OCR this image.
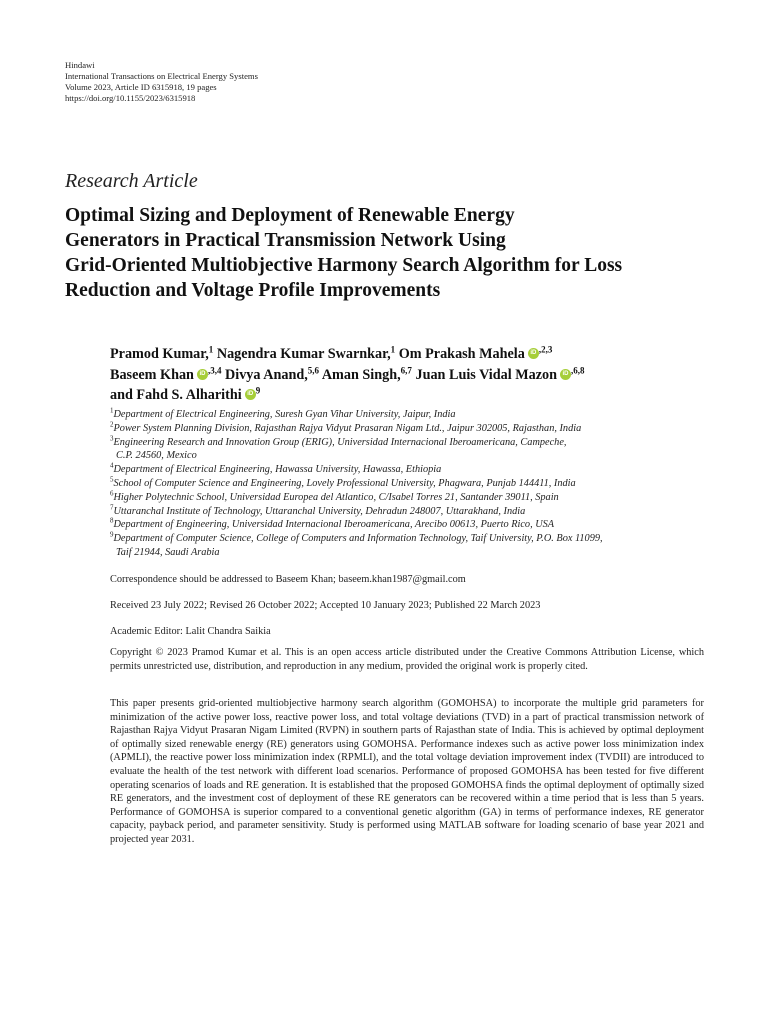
Hindawi
International Transactions on Electrical Energy Systems
Volume 2023, Article ID 6315918, 19 pages
https://doi.org/10.1155/2023/6315918
Research Article
Optimal Sizing and Deployment of Renewable Energy
Generators in Practical Transmission Network Using
Grid-Oriented Multiobjective Harmony Search Algorithm for Loss
Reduction and Voltage Profile Improvements
Pramod Kumar,$^1$ Nagendra Kumar Swarnkar,$^1$ Om Prakash Mahela iD $^{,2,3}$
Baseem Khan iD $^{,3,4}$ Divya Anand,$^{5,6}$ Aman Singh,$^{6,7}$ Juan Luis Vidal Mazon iD $^{,6,8}$
and Fahd S. Alharithi iD $^9$
$^1$Department of Electrical Engineering, Suresh Gyan Vihar University, Jaipur, India
$^2$Power System Planning Division, Rajasthan Rajya Vidyut Prasaran Nigam Ltd., Jaipur 302005, Rajasthan, India
$^3$Engineering Research and Innovation Group (ERIG), Universidad Internacional Iberoamericana, Campeche,
C.P. 24560, Mexico
$^4$Department of Electrical Engineering, Hawassa University, Hawassa, Ethiopia
$^5$School of Computer Science and Engineering, Lovely Professional University, Phagwara, Punjab 144411, India
$^6$Higher Polytechnic School, Universidad Europea del Atlantico, C/Isabel Torres 21, Santander 39011, Spain
$^7$Uttaranchal Institute of Technology, Uttaranchal University, Dehradun 248007, Uttarakhand, India
$^8$Department of Engineering, Universidad Internacional Iberoamericana, Arecibo 00613, Puerto Rico, USA
$^9$Department of Computer Science, College of Computers and Information Technology, Taif University, P.O. Box 11099,
Taif 21944, Saudi Arabia
Correspondence should be addressed to Baseem Khan; baseem.khan1987@gmail.com
Received 23 July 2022; Revised 26 October 2022; Accepted 10 January 2023; Published 22 March 2023
Academic Editor: Lalit Chandra Saikia
Copyright © 2023 Pramod Kumar et al. This is an open access article distributed under the Creative Commons Attribution License, which permits unrestricted use, distribution, and reproduction in any medium, provided the original work is properly cited.
This paper presents grid-oriented multiobjective harmony search algorithm (GOMOHSA) to incorporate the multiple grid parameters for minimization of the active power loss, reactive power loss, and total voltage deviations (TVD) in a part of practical transmission network of Rajasthan Rajya Vidyut Prasaran Nigam Limited (RVPN) in southern parts of Rajasthan state of India. This is achieved by optimal deployment of optimally sized renewable energy (RE) generators using GOMOHSA. Performance indexes such as active power loss minimization index (APMLI), the reactive power loss minimization index (RPMLI), and the total voltage deviation improvement index (TVDII) are introduced to evaluate the health of the test network with different load scenarios. Performance of proposed GOMOHSA has been tested for five different operating scenarios of loads and RE generation. It is established that the proposed GOMOHSA finds the optimal deployment of optimally sized RE generators, and the investment cost of deployment of these RE generators can be recovered within a time period that is less than 5 years. Performance of GOMOHSA is superior compared to a conventional genetic algorithm (GA) in terms of performance indexes, RE generator capacity, payback period, and parameter sensitivity. Study is performed using MATLAB software for loading scenario of base year 2021 and projected year 2031.
